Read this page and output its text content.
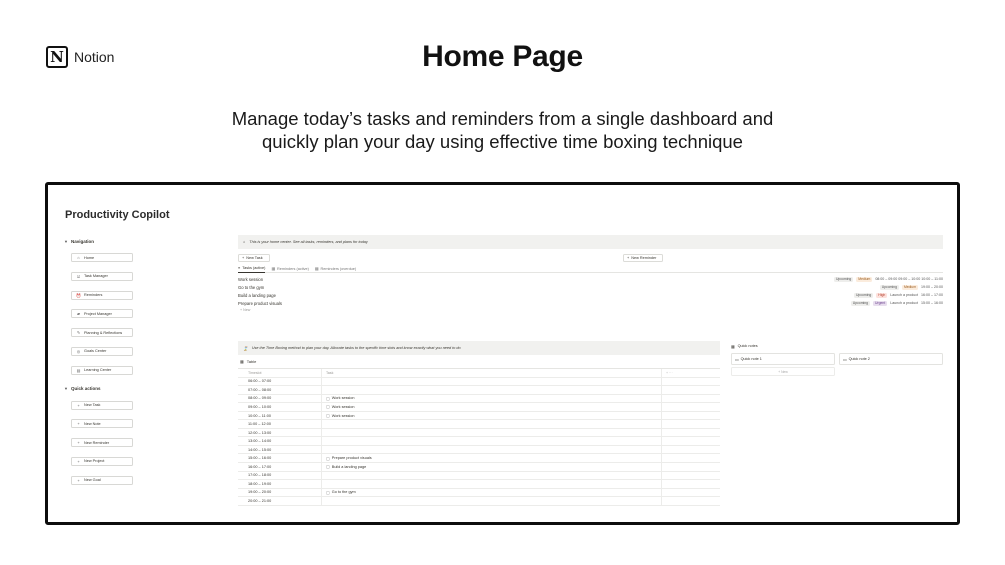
N Notion	Home Page
Manage today’s tasks and reminders from a single dashboard and
quickly plan your day using effective time boxing technique
Productivity Copilot
▼ Navigation
⌂	Home
☑ Task Manager
⏰ Reminders
▰ Project Manager
✎ Planning & Reflections
◎ Goals Center
▤ Learning Center
▼ Quick actions
+	New Task
+	New Note
+	New Reminder
+	New Project
+	New Goal
⌂ This is your home center. See all tasks, reminders, and plans for today
+ New Task	+ New Reminder
≡ Tasks (active) ▦ Reminders (active) ▦ Reminders (overdue)
Work session	Upcoming	Medium	08:00 – 09:00 09:00 – 10:00 10:00 – 11:00
Go to the gym	Upcoming	Medium	19:00 – 20:00
Build a landing page	Upcoming	High	Launch a product 16:00 – 17:00
Prepare product visuals	Upcoming	Urgent	Launch a product 15:00 – 16:00
+ New
⌛ Use the Time Boxing method to plan your day. Allocate tasks to the specific time slots and know exactly what you need to do
▦ Table
Timeslot	Task	+ ···
06:00 – 07:00
07:00 – 08:00
08:00 – 09:00	▢ Work session
09:00 – 10:00	▢ Work session
10:00 – 11:00	▢ Work session
11:00 – 12:00
12:00 – 13:00
13:00 – 14:00
14:00 – 15:00
15:00 – 16:00	▢ Prepare product visuals
16:00 – 17:00	▢ Build a landing page
17:00 – 18:00
18:00 – 19:00
19:00 – 20:00	▢ Go to the gym
20:00 – 21:00
▦ Quick notes
▭ Quick note 1	▭ Quick note 2
+ New
